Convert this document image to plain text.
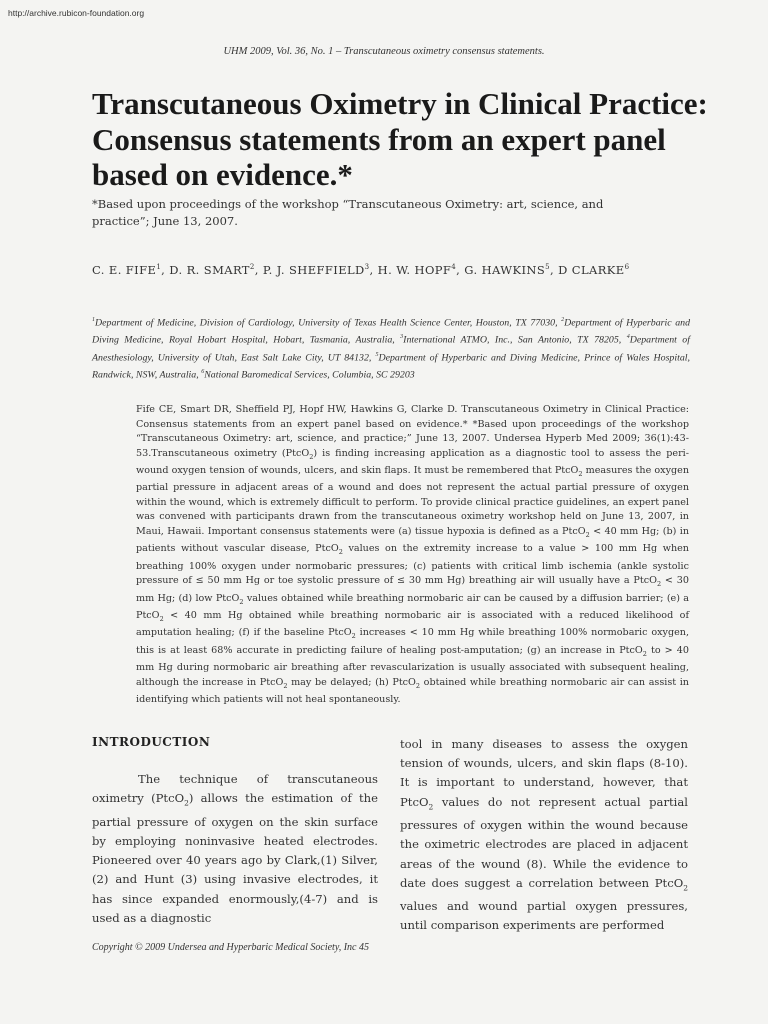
http://archive.rubicon-foundation.org
UHM 2009, Vol. 36, No. 1 – Transcutaneous oximetry consensus statements.
Transcutaneous Oximetry in Clinical Practice: Consensus statements from an expert panel based on evidence.*

*Based upon proceedings of the workshop “Transcutaneous Oximetry: art, science, and practice”; June 13, 2007.

C. E. FIFE$^1$, D. R. SMART$^2$, P. J. SHEFFIELD$^3$, H. W. HOPF$^4$, G. HAWKINS$^5$, D CLARKE$^6$

$^1$Department of Medicine, Division of Cardiology, University of Texas Health Science Center, Houston, TX 77030, $^2$Department of Hyperbaric and Diving Medicine, Royal Hobart Hospital, Hobart, Tasmania, Australia, $^3$International ATMO, Inc., San Antonio, TX 78205, $^4$Department of Anesthesiology, University of Utah, East Salt Lake City, UT 84132, $^5$Department of Hyperbaric and Diving Medicine, Prince of Wales Hospital, Randwick, NSW, Australia, $^6$National Baromedical Services, Columbia, SC 29203

Fife CE, Smart DR, Sheffield PJ, Hopf HW, Hawkins G, Clarke D. Transcutaneous Oximetry in Clinical Practice: Consensus statements from an expert panel based on evidence.* *Based upon proceedings of the workshop “Transcutaneous Oximetry: art, science, and practice;” June 13, 2007. Undersea Hyperb Med 2009; 36(1):43-53.Transcutaneous oximetry (PtcO$_2$) is finding increasing application as a diagnostic tool to assess the peri-wound oxygen tension of wounds, ulcers, and skin flaps. It must be remembered that PtcO$_2$ measures the oxygen partial pressure in adjacent areas of a wound and does not represent the actual partial pressure of oxygen within the wound, which is extremely difficult to perform. To provide clinical practice guidelines, an expert panel was convened with participants drawn from the transcutaneous oximetry workshop held on June 13, 2007, in Maui, Hawaii. Important consensus statements were (a) tissue hypoxia is defined as a PtcO$_2$ < 40 mm Hg; (b) in patients without vascular disease, PtcO$_2$ values on the extremity increase to a value > 100 mm Hg when breathing 100% oxygen under normobaric pressures; (c) patients with critical limb ischemia (ankle systolic pressure of ≤ 50 mm Hg or toe systolic pressure of ≤ 30 mm Hg) breathing air will usually have a PtcO$_2$ < 30 mm Hg; (d) low PtcO$_2$ values obtained while breathing normobaric air can be caused by a diffusion barrier; (e) a PtcO$_2$ < 40 mm Hg obtained while breathing normobaric air is associated with a reduced likelihood of amputation healing; (f) if the baseline PtcO$_2$ increases < 10 mm Hg while breathing 100% normobaric oxygen, this is at least 68% accurate in predicting failure of healing post-amputation; (g) an increase in PtcO$_2$ to > 40 mm Hg during normobaric air breathing after revascularization is usually associated with subsequent healing, although the increase in PtcO$_2$ may be delayed; (h) PtcO$_2$ obtained while breathing normobaric air can assist in identifying which patients will not heal spontaneously.

INTRODUCTION

The technique of transcutaneous oximetry (PtcO$_2$) allows the estimation of the partial pressure of oxygen on the skin surface by employing noninvasive heated electrodes. Pioneered over 40 years ago by Clark,(1) Silver,(2) and Hunt (3) using invasive electrodes, it has since expanded enormously,(4-7) and is used as a diagnostic

tool in many diseases to assess the oxygen tension of wounds, ulcers, and skin flaps (8-10). It is important to understand, however, that PtcO$_2$ values do not represent actual partial pressures of oxygen within the wound because the oximetric electrodes are placed in adjacent areas of the wound (8). While the evidence to date does suggest a correlation between PtcO$_2$ values and wound partial oxygen pressures, until comparison experiments are performed

Copyright © 2009 Undersea and Hyperbaric Medical Society, Inc 45
